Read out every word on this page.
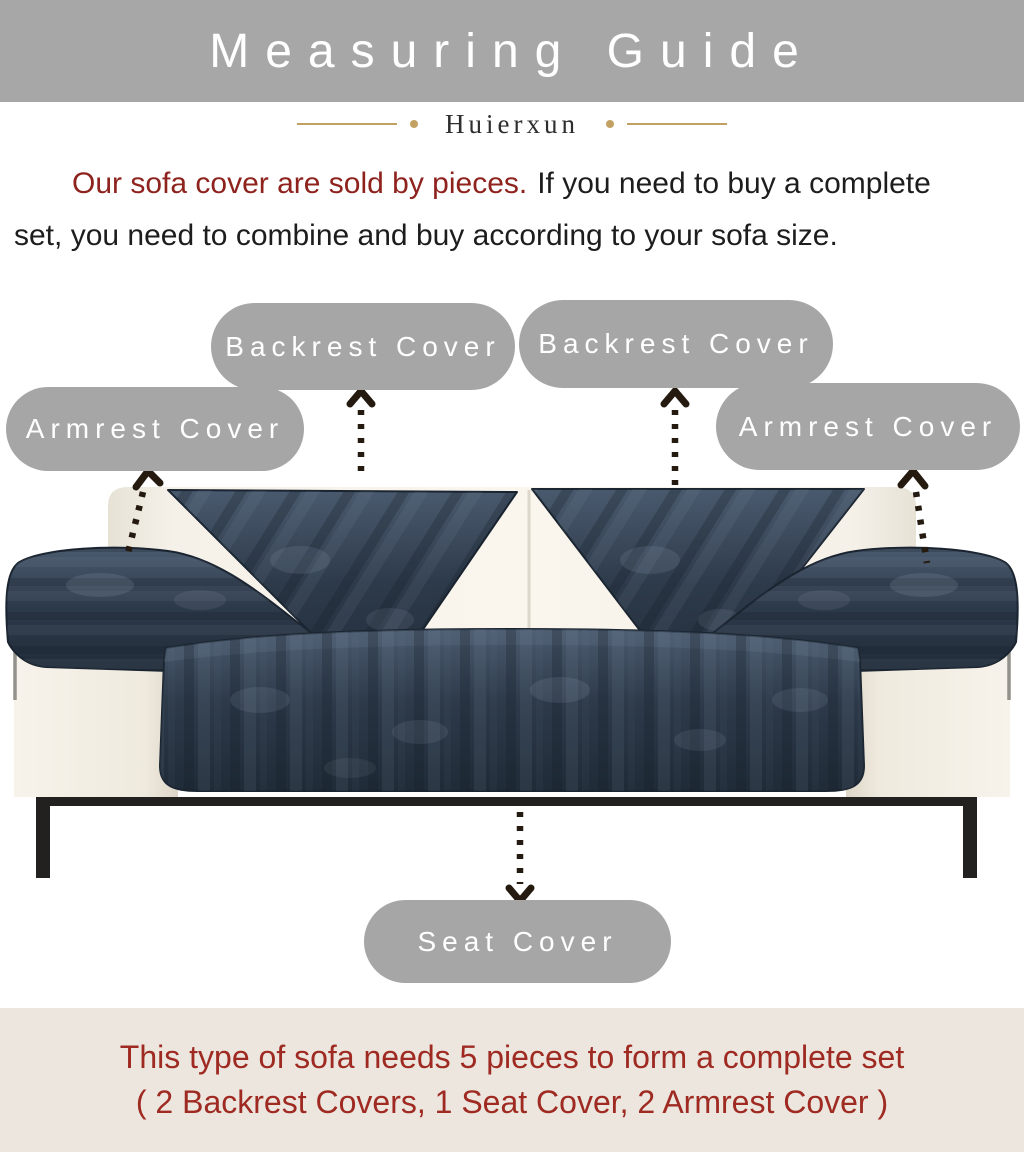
Measuring Guide
Huierxun
Our sofa cover are sold by pieces. If you need to buy a complete
set, you need to combine and buy according to your sofa size.
Backrest Cover	Backrest Cover
Armrest Cover	Armrest Cover
Seat Cover
This type of sofa needs 5 pieces to form a complete set
( 2 Backrest Covers, 1 Seat Cover, 2 Armrest Cover )
